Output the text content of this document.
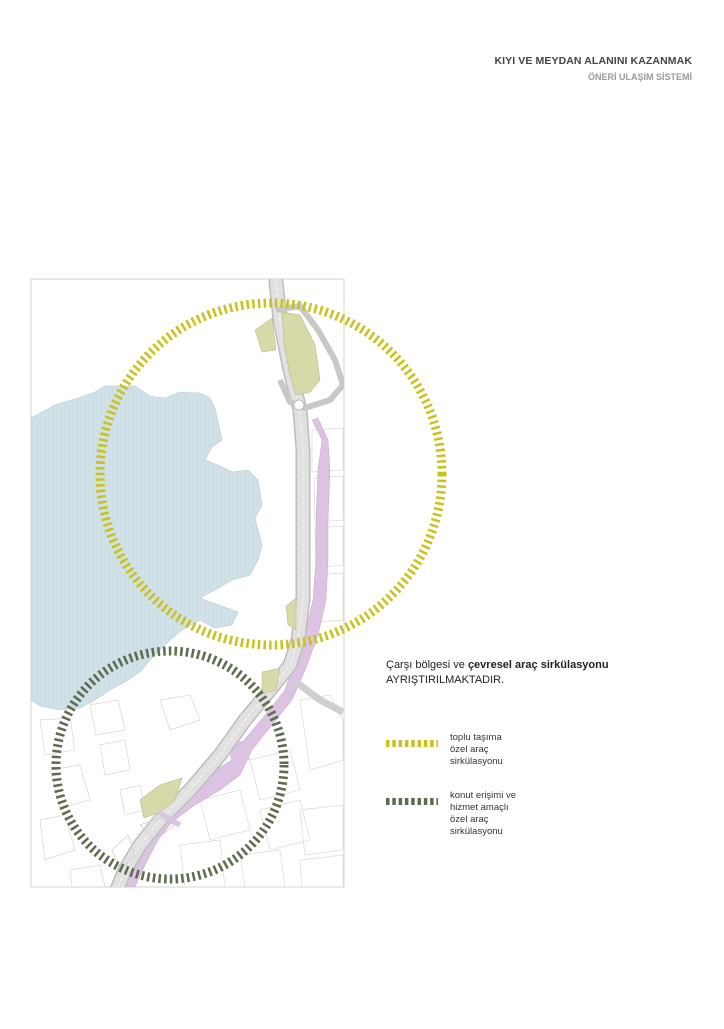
KIYI VE MEYDAN ALANINI KAZANMAK
ÖNERİ ULAŞIM SİSTEMİ
Çarşı bölgesi ve çevresel araç sirkülasyonu
AYRIŞTIRILMAKTADIR.
toplu taşıma
özel araç
sirkülasyonu
konut erişimi ve
hizmet amaçlı
özel araç
sirkülasyonu
